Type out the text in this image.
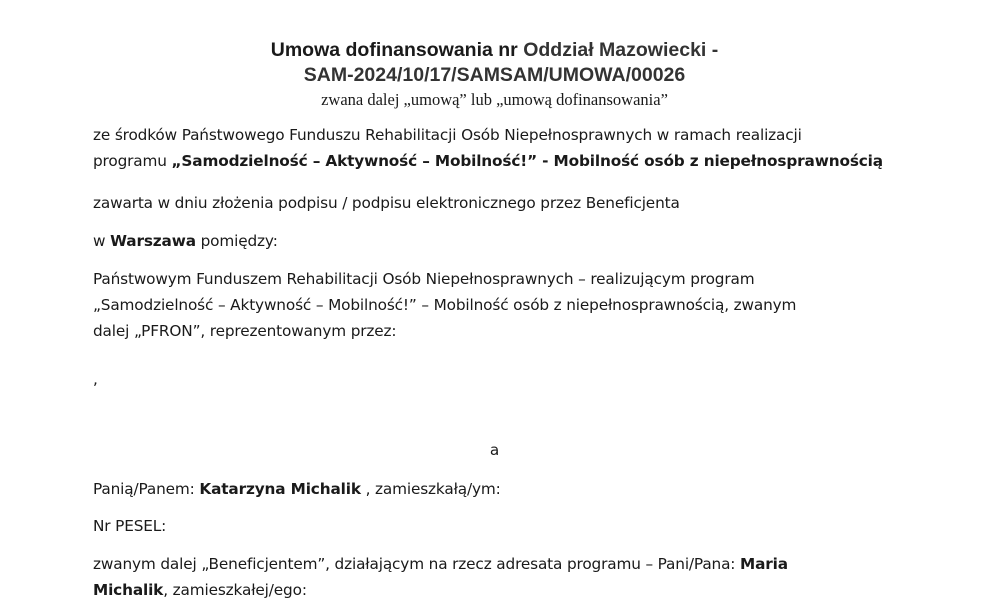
Umowa dofinansowania nr Oddział Mazowiecki -
SAM-2024/10/17/SAMSAM/UMOWA/00026
zwana dalej „umową” lub „umową dofinansowania”
ze środków Państwowego Funduszu Rehabilitacji Osób Niepełnosprawnych w ramach realizacji
programu „Samodzielność – Aktywność – Mobilność!” - Mobilność osób z niepełnosprawnością
zawarta w dniu złożenia podpisu / podpisu elektronicznego przez Beneficjenta
w Warszawa pomiędzy:
Państwowym Funduszem Rehabilitacji Osób Niepełnosprawnych – realizującym program
„Samodzielność – Aktywność – Mobilność!” – Mobilność osób z niepełnosprawnością, zwanym
dalej „PFRON”, reprezentowanym przez:
,
a
Panią/Panem: Katarzyna Michalik , zamieszkałą/ym:
Nr PESEL:
zwanym dalej „Beneficjentem”, działającym na rzecz adresata programu – Pani/Pana: Maria
Michalik, zamieszkałej/ego:
